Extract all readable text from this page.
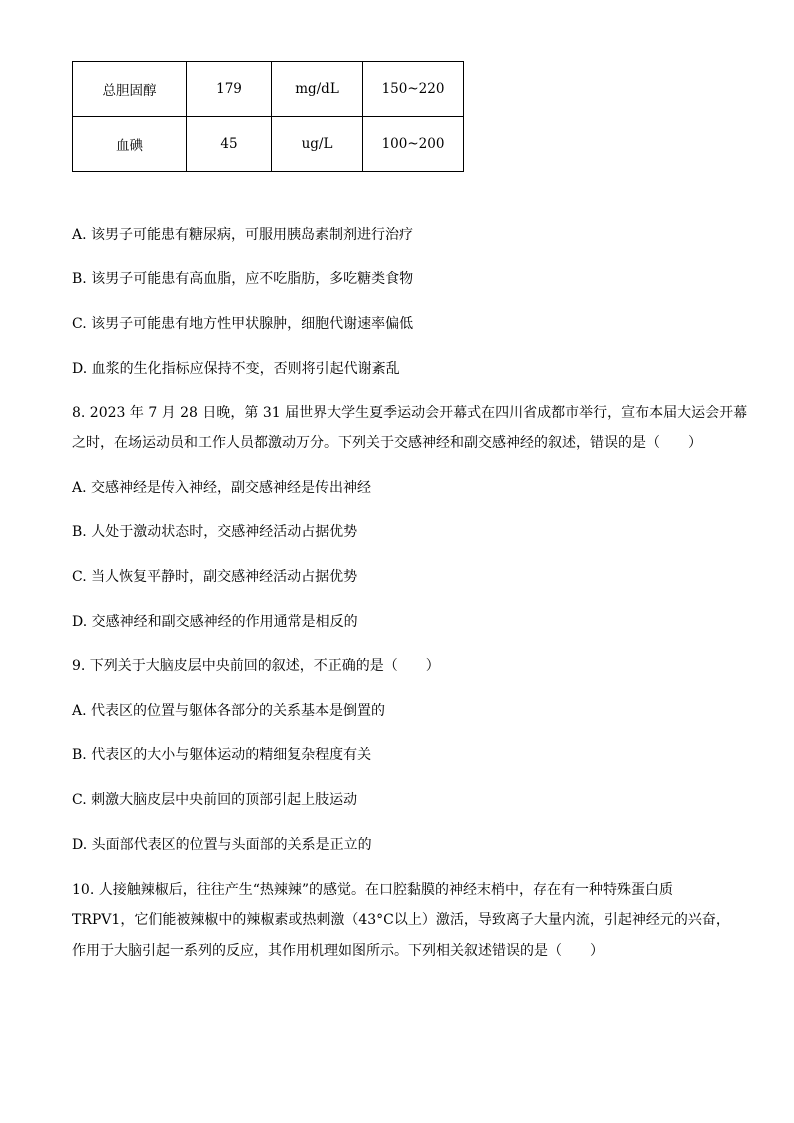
总胆固醇	179	mg/dL	150~220
血碘	45	ug/L	100~200
A. 该男子可能患有糖尿病，可服用胰岛素制剂进行治疗
B. 该男子可能患有高血脂，应不吃脂肪，多吃糖类食物
C. 该男子可能患有地方性甲状腺肿，细胞代谢速率偏低
D. 血浆的生化指标应保持不变，否则将引起代谢紊乱
8. 2023 年 7 月 28 日晚，第 31 届世界大学生夏季运动会开幕式在四川省成都市举行，宣布本届大运会开幕
之时，在场运动员和工作人员都激动万分。下列关于交感神经和副交感神经的叙述，错误的是（　　）
A. 交感神经是传入神经，副交感神经是传出神经
B. 人处于激动状态时，交感神经活动占据优势
C. 当人恢复平静时，副交感神经活动占据优势
D. 交感神经和副交感神经的作用通常是相反的
9. 下列关于大脑皮层中央前回的叙述，不正确的是（　　）
A. 代表区的位置与躯体各部分的关系基本是倒置的
B. 代表区的大小与躯体运动的精细复杂程度有关
C. 刺激大脑皮层中央前回的顶部引起上肢运动
D. 头面部代表区的位置与头面部的关系是正立的
10. 人接触辣椒后，往往产生“热辣辣”的感觉。在口腔黏膜的神经末梢中，存在有一种特殊蛋白质
TRPV1，它们能被辣椒中的辣椒素或热刺激（43°C以上）激活，导致离子大量内流，引起神经元的兴奋，
作用于大脑引起一系列的反应，其作用机理如图所示。下列相关叙述错误的是（　　）
